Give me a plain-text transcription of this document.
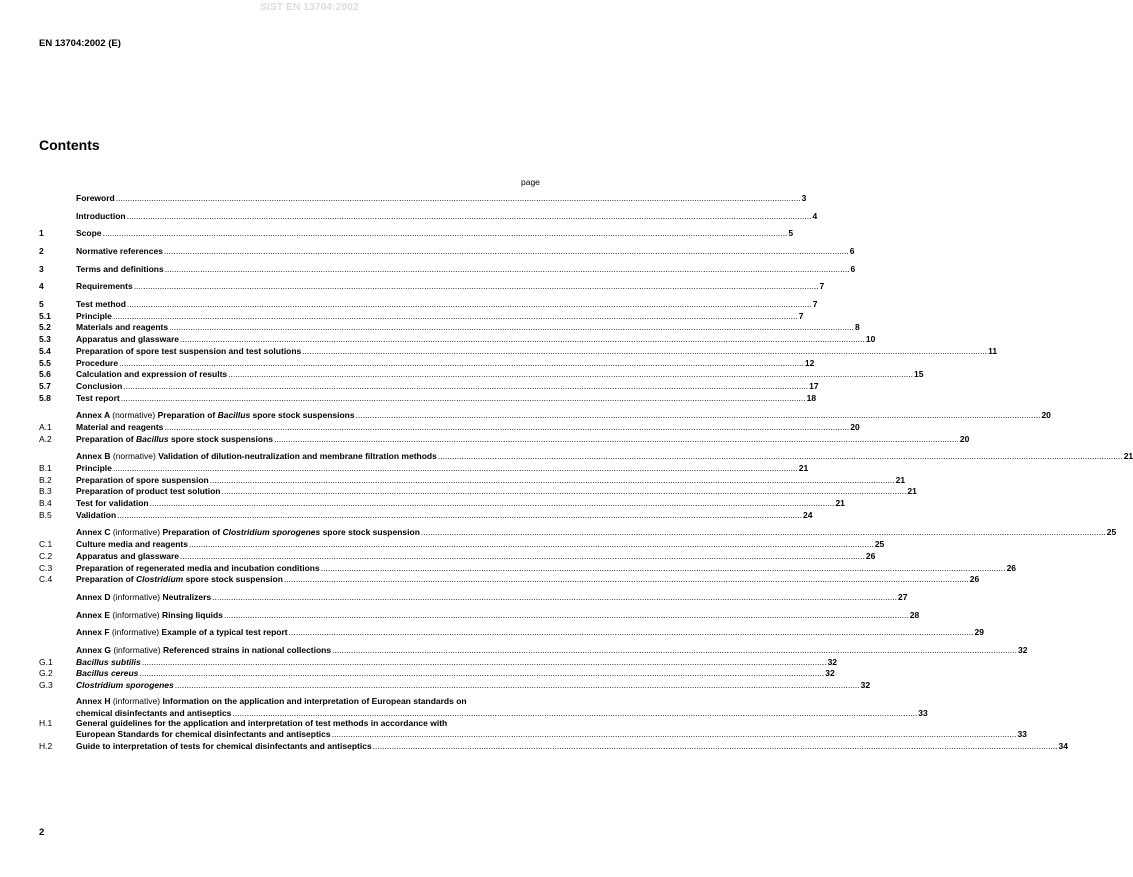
SIST EN 13704:2002
EN 13704:2002 (E)
Contents
page
Foreword .....	3
Introduction .....	4
1	Scope .....	5
2	Normative references .....	6
3	Terms and definitions .....	6
4	Requirements .....	7
5	Test method .....	7
5.1	Principle .....	7
5.2	Materials and reagents .....	8
5.3	Apparatus and glassware .....	10
5.4	Preparation of spore test suspension and test solutions .....	11
5.5	Procedure .....	12
5.6	Calculation and expression of results .....	15
5.7	Conclusion .....	17
5.8	Test report .....	18
Annex A (normative) Preparation of Bacillus spore stock suspensions .....	20
A.1	Material and reagents .....	20
A.2	Preparation of Bacillus spore stock suspensions .....	20
Annex B (normative) Validation of dilution-neutralization and membrane filtration methods .....	21
B.1	Principle .....	21
B.2	Preparation of spore suspension .....	21
B.3	Preparation of product test solution .....	21
B.4	Test for validation .....	21
B.5	Validation .....	24
Annex C (informative) Preparation of Clostridium sporogenes spore stock suspension .....	25
C.1	Culture media and reagents .....	25
C.2	Apparatus and glassware .....	26
C.3	Preparation of regenerated media and incubation conditions .....	26
C.4	Preparation of Clostridium spore stock suspension .....	26
Annex D (informative) Neutralizers .....	27
Annex E (informative) Rinsing liquids .....	28
Annex F (informative) Example of a typical test report .....	29
Annex G (informative) Referenced strains in national collections .....	32
G.1	Bacillus subtilis .....	32
G.2	Bacillus cereus .....	32
G.3	Clostridium sporogenes .....	32
Annex H (informative) Information on the application and interpretation of European standards on
chemical disinfectants and antiseptics .....	33
H.1	General guidelines for the application and interpretation of test methods in accordance with
European Standards for chemical disinfectants and antiseptics .....	33
H.2	Guide to interpretation of tests for chemical disinfectants and antiseptics .....	34
2
